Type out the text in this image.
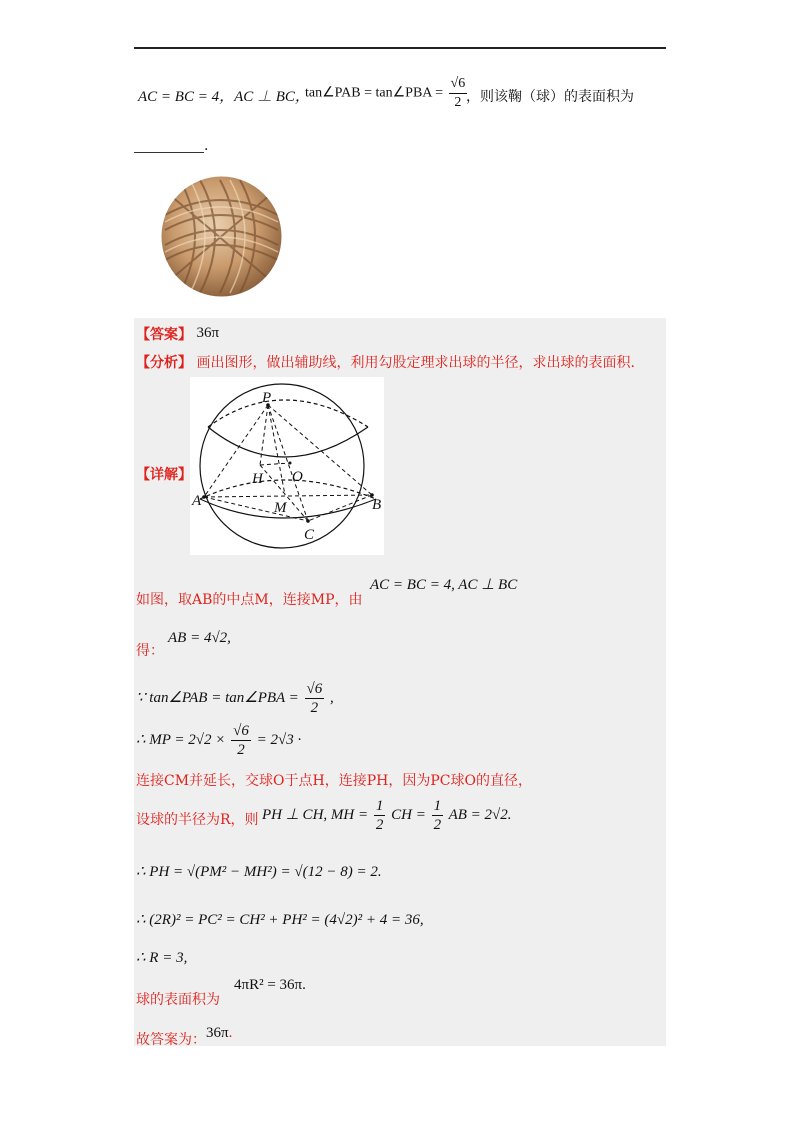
AC = BC = 4，AC ⊥ BC，
tan∠PAB = tan∠PBA = $\frac{√6}{2}$
，则该鞠（球）的表面积为
.
【答案】 36π
【分析】 画出图形，做出辅助线，利用勾股定理求出球的半径，求出球的表面积.
【详解】
P
O
H
A	M	B
C
如图，取AB的中点M，连接MP，由
AC = BC = 4, AC ⊥ BC
得：
AB = 4√2,
∵ tan∠PAB = tan∠PBA = $\frac{√6}{2}$ ,
∴ MP = $2√2 \times \frac{√6}{2} = 2√3$ ·
连接CM并延长，交球O于点H，连接PH，因为PC球O的直径，
设球的半径为R，则 PH ⊥ CH, MH = $\frac{1}{2}$ CH = $\frac{1}{2}$ AB = 2√2.
∴ PH = √(PM² − MH²) = √(12 − 8) = 2.
∴ (2R)² = PC² = CH² + PH² = (4√2)² + 4 = 36,
∴ R = 3,
球的表面积为
4πR² = 36π.
故答案为： 36π.
